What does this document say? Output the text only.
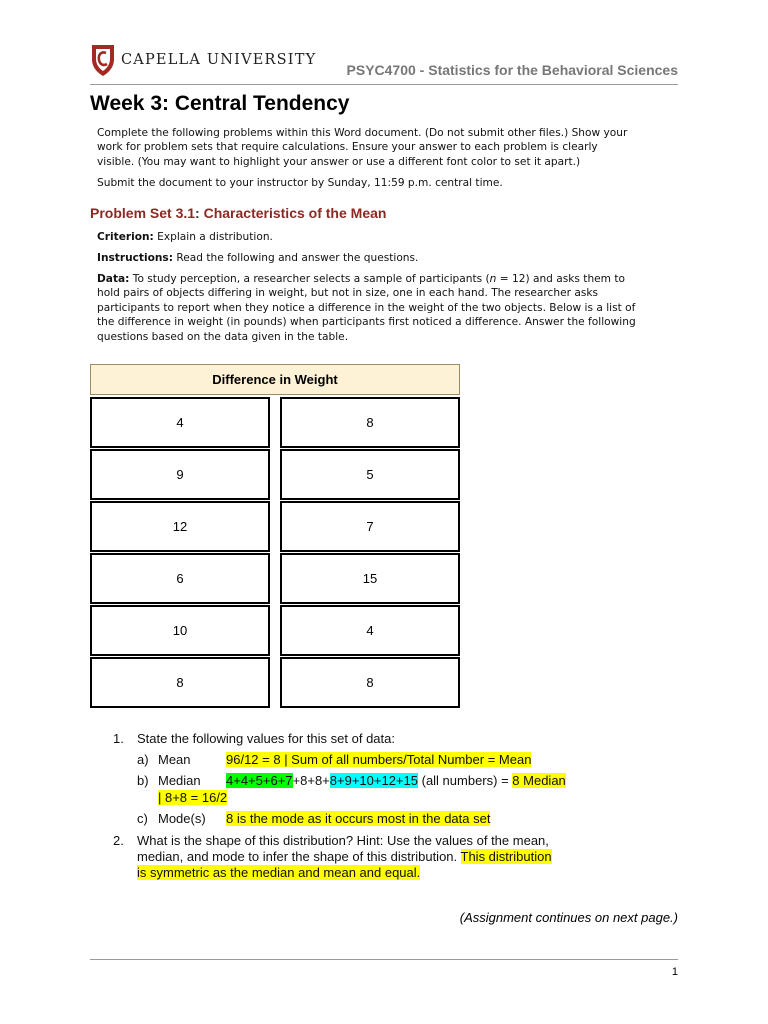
CAPELLA UNIVERSITY
PSYC4700 - Statistics for the Behavioral Sciences
Week 3: Central Tendency
Complete the following problems within this Word document. (Do not submit other files.) Show your
work for problem sets that require calculations. Ensure your answer to each problem is clearly
visible. (You may want to highlight your answer or use a different font color to set it apart.)
Submit the document to your instructor by Sunday, 11:59 p.m. central time.
Problem Set 3.1: Characteristics of the Mean
Criterion: Explain a distribution.
Instructions: Read the following and answer the questions.
Data: To study perception, a researcher selects a sample of participants (n = 12) and asks them to
hold pairs of objects differing in weight, but not in size, one in each hand. The researcher asks
participants to report when they notice a difference in the weight of the two objects. Below is a list of
the difference in weight (in pounds) when participants first noticed a difference. Answer the following
questions based on the data given in the table.
Difference in Weight
4	8
9	5
12	7
6	15
10	4
8	8
1. State the following values for this set of data:
a) Mean	96/12 = 8 | Sum of all numbers/Total Number = Mean
b) Median 4+4+5+6+7+8+8+8+9+10+12+15 (all numbers) = 8 Median
| 8+8 = 16/2
c) Mode(s) 8 is the mode as it occurs most in the data set
2. What is the shape of this distribution? Hint: Use the values of the mean,
median, and mode to infer the shape of this distribution. This distribution
is symmetric as the median and mean and equal.
(Assignment continues on next page.)
1
